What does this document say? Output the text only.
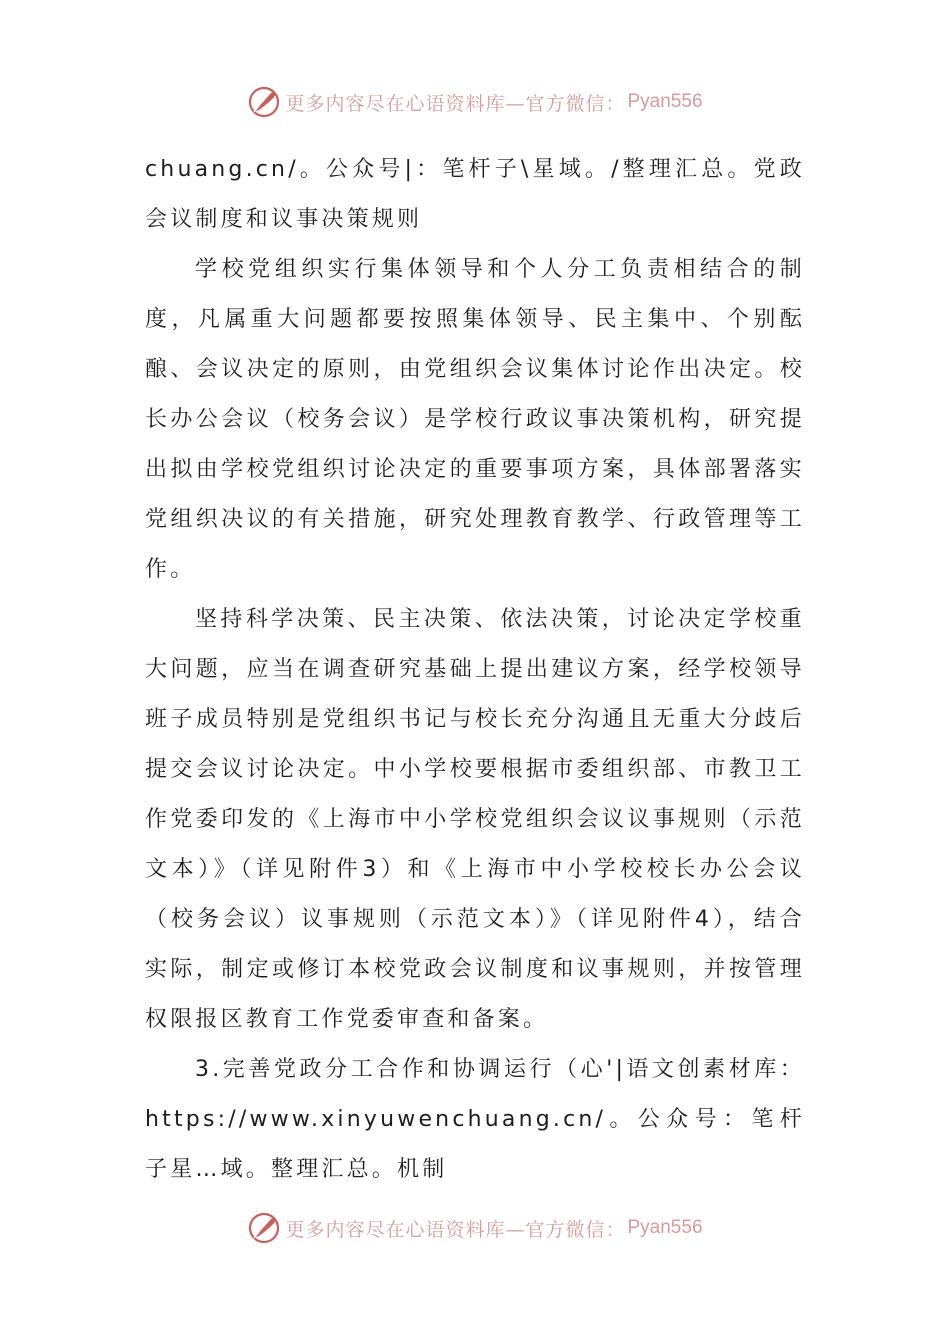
更多内容尽在心语资料库—官方微信： Pyan556

chuang.cn/。公众号|：笔杆子\星域。/整理汇总。党政会议制度和议事决策规则

学校党组织实行集体领导和个人分工负责相结合的制度，凡属重大问题都要按照集体领导、民主集中、个别酝酿、会议决定的原则，由党组织会议集体讨论作出决定。校长办公会议（校务会议）是学校行政议事决策机构，研究提出拟由学校党组织讨论决定的重要事项方案，具体部署落实党组织决议的有关措施，研究处理教育教学、行政管理等工作。

坚持科学决策、民主决策、依法决策，讨论决定学校重大问题，应当在调查研究基础上提出建议方案，经学校领导班子成员特别是党组织书记与校长充分沟通且无重大分歧后提交会议讨论决定。中小学校要根据市委组织部、市教卫工作党委印发的《上海市中小学校党组织会议议事规则（示范文本）》（详见附件3）和《上海市中小学校校长办公会议（校务会议）议事规则（示范文本）》（详见附件4），结合实际，制定或修订本校党政会议制度和议事规则，并按管理权限报区教育工作党委审查和备案。

3.完善党政分工合作和协调运行（心'|语文创素材库：https://www.xinyuwenchuang.cn/。公众号：笔杆子星…域。整理汇总。机制

更多内容尽在心语资料库—官方微信： Pyan556
